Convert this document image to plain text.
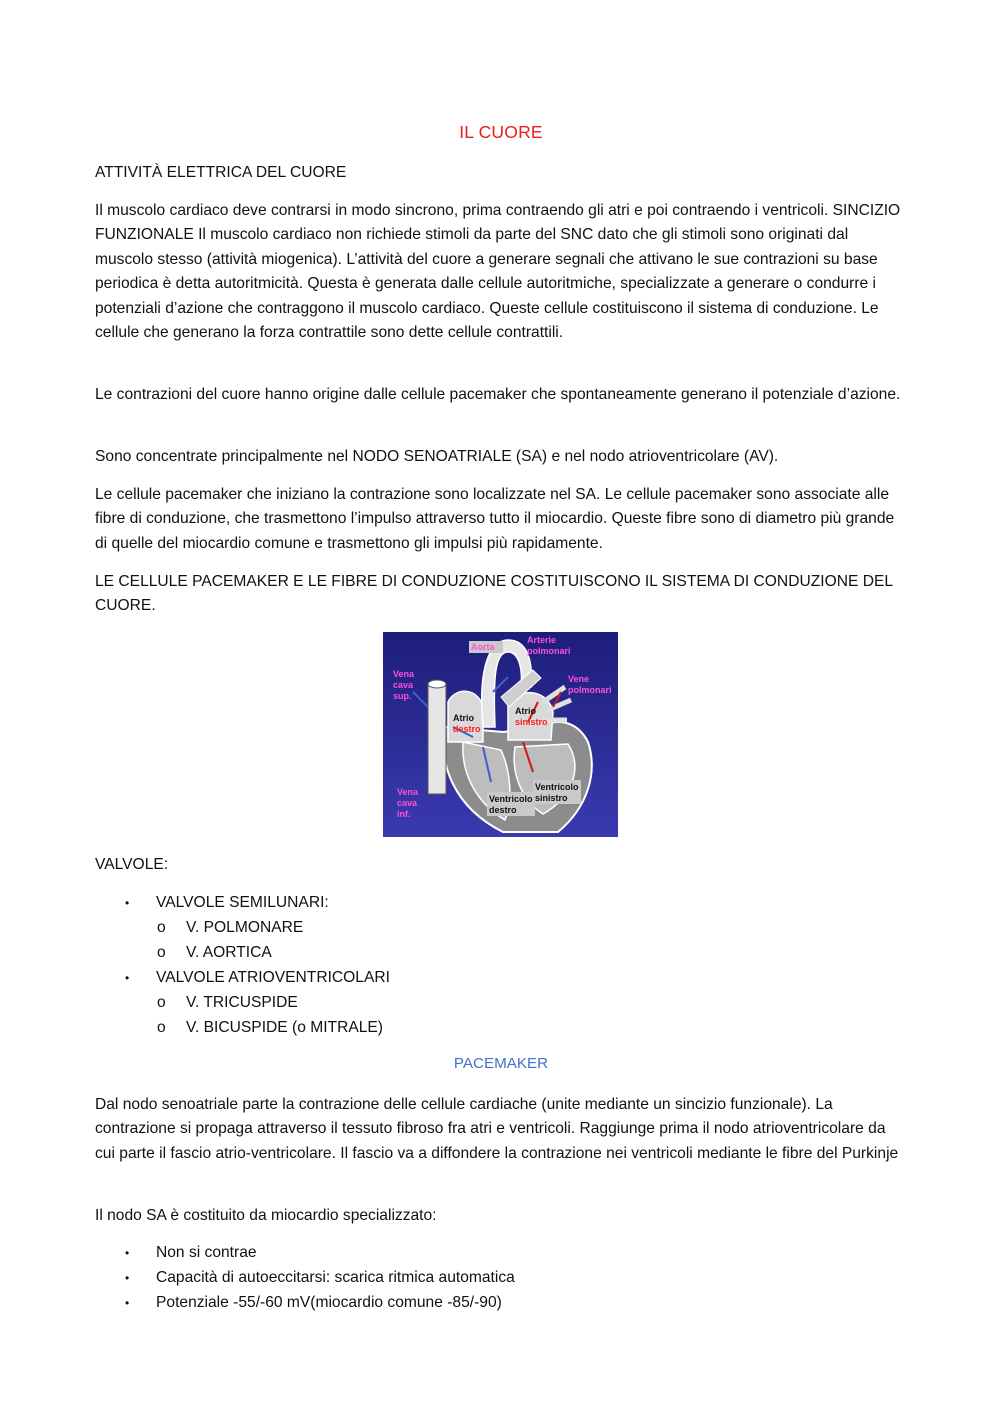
IL CUORE

ATTIVITÀ ELETTRICA DEL CUORE

Il muscolo cardiaco deve contrarsi in modo sincrono, prima contraendo gli atri e poi contraendo i ventricoli. SINCIZIO FUNZIONALE Il muscolo cardiaco non richiede stimoli da parte del SNC dato che gli stimoli sono originati dal muscolo stesso (attività miogenica). L’attività del cuore a generare segnali che attivano le sue contrazioni su base periodica è detta autoritmicità. Questa è generata dalle cellule autoritmiche, specializzate a generare o condurre i potenziali d’azione che contraggono il muscolo cardiaco. Queste cellule costituiscono il sistema di conduzione. Le cellule che generano la forza contrattile sono dette cellule contrattili.

Le contrazioni del cuore hanno origine dalle cellule pacemaker che spontaneamente generano il potenziale d’azione.

Sono concentrate principalmente nel NODO SENOATRIALE (SA) e nel nodo atrioventricolare (AV).

Le cellule pacemaker che iniziano la contrazione sono localizzate nel SA. Le cellule pacemaker sono associate alle fibre di conduzione, che trasmettono l’impulso attraverso tutto il miocardio. Queste fibre sono di diametro più grande di quelle del miocardio comune e trasmettono gli impulsi più rapidamente.

LE CELLULE PACEMAKER E LE FIBRE DI CONDUZIONE COSTITUISCONO IL SISTEMA DI CONDUZIONE DEL CUORE.

Aorta
Arterie
polmonari
Vene
polmonari
Vena
cava
sup.
Atrio
destro
Atrio
sinistro
Vena
cava
inf.
Ventricolo
sinistro
Ventricolo
destro

VALVOLE:

• VALVOLE SEMILUNARI:
o V. POLMONARE
o V. AORTICA
• VALVOLE ATRIOVENTRICOLARI
o V. TRICUSPIDE
o V. BICUSPIDE (o MITRALE)
PACEMAKER

Dal nodo senoatriale parte la contrazione delle cellule cardiache (unite mediante un sincizio funzionale). La contrazione si propaga attraverso il tessuto fibroso fra atri e ventricoli. Raggiunge prima il nodo atrioventricolare da cui parte il fascio atrio-ventricolare. Il fascio va a diffondere la contrazione nei ventricoli mediante le fibre del Purkinje

Il nodo SA è costituito da miocardio specializzato:

• Non si contrae
• Capacità di autoeccitarsi: scarica ritmica automatica
• Potenziale -55/-60 mV(miocardio comune -85/-90)
